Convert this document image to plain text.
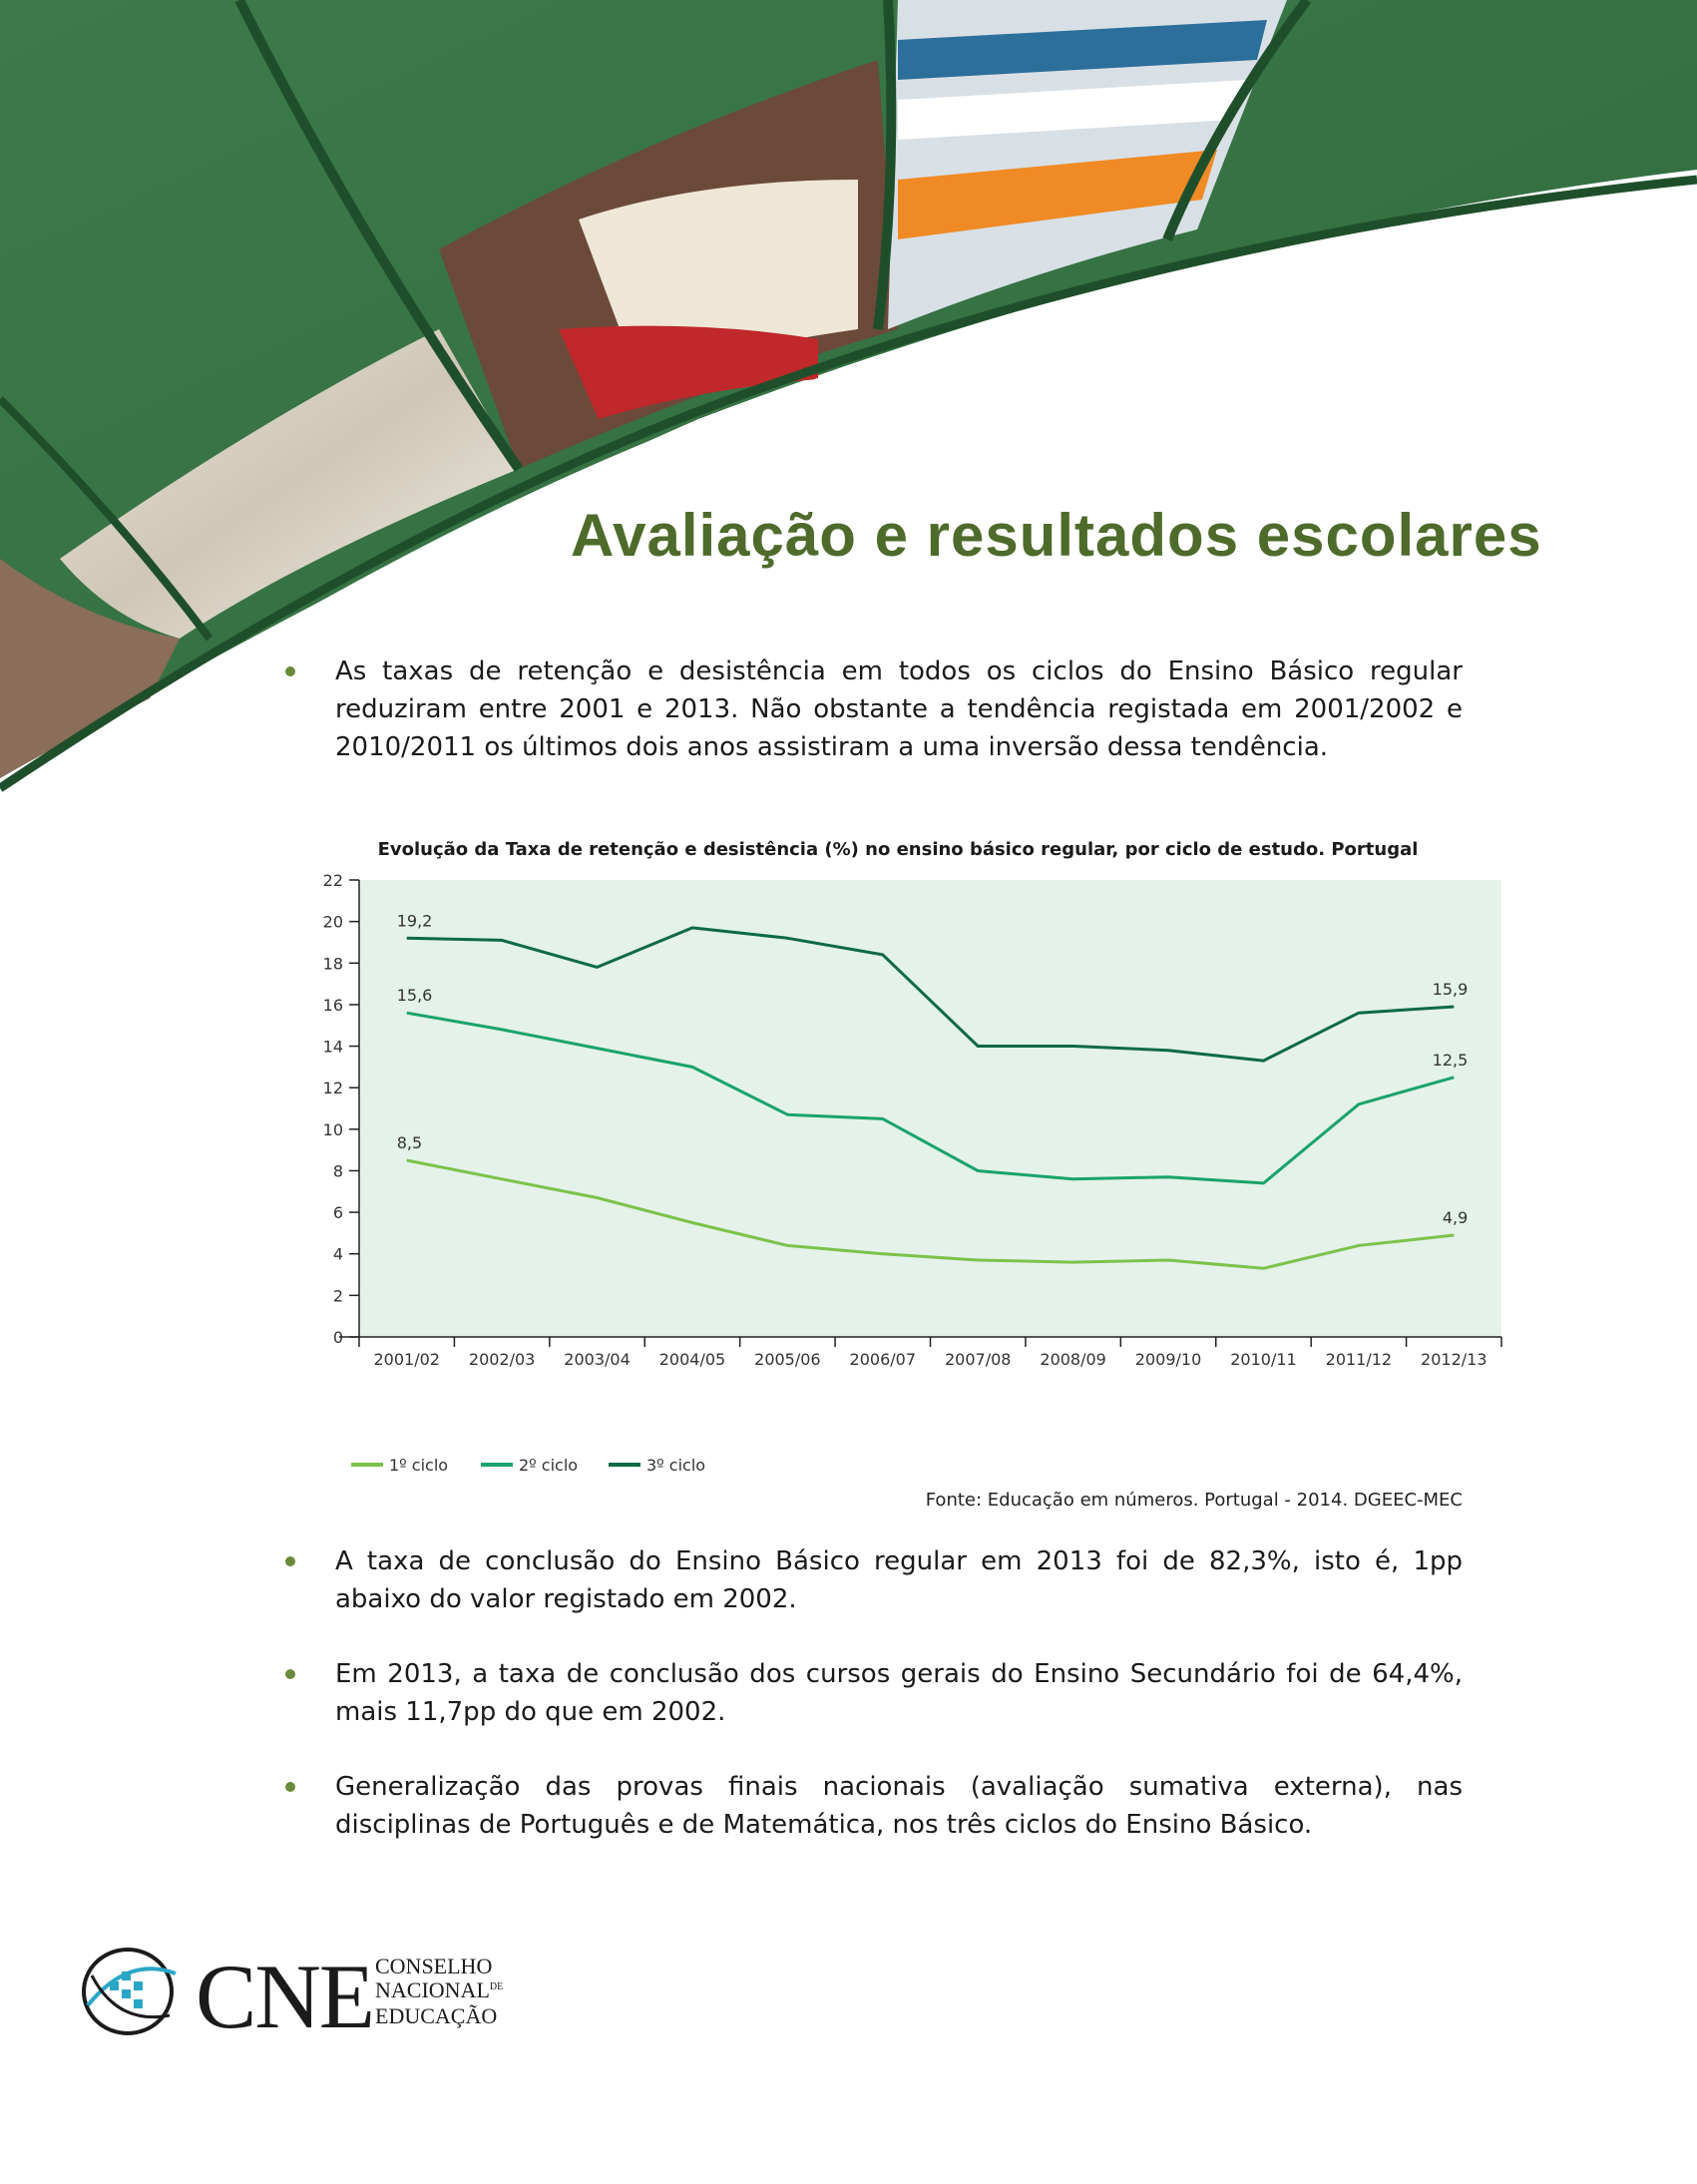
Avaliação e resultados escolares
As taxas de retenção e desistência em todos os ciclos do Ensino Básico regular reduziram entre 2001 e 2013. Não obstante a tendência registada em 2001/2002 e 2010/2011 os últimos dois anos assistiram a uma inversão dessa tendência.
Evolução da Taxa de retenção e desistência (%) no ensino básico regular, por ciclo de estudo. Portugal
0
2
4
6
8
10
12
14
16
18
20
22
2001/02 2002/03 2003/04 2004/05 2005/06 2006/07 2007/08 2008/09 2009/10 2010/11 2011/12 2012/13
8,5
4,9
15,6
12,5
19,2
15,9
1º ciclo	2º ciclo	3º ciclo
Fonte: Educação em números. Portugal - 2014. DGEEC-MEC
A taxa de conclusão do Ensino Básico regular em 2013 foi de 82,3%, isto é, 1pp abaixo do valor registado em 2002.
Em 2013, a taxa de conclusão dos cursos gerais do Ensino Secundário foi de 64,4%, mais 11,7pp do que em 2002.
Generalização das provas finais nacionais (avaliação sumativa externa), nas disciplinas de Português e de Matemática, nos três ciclos do Ensino Básico.
CNE CONSELHO
$NACIONAL^{DE}$
EDUCAÇÃO
